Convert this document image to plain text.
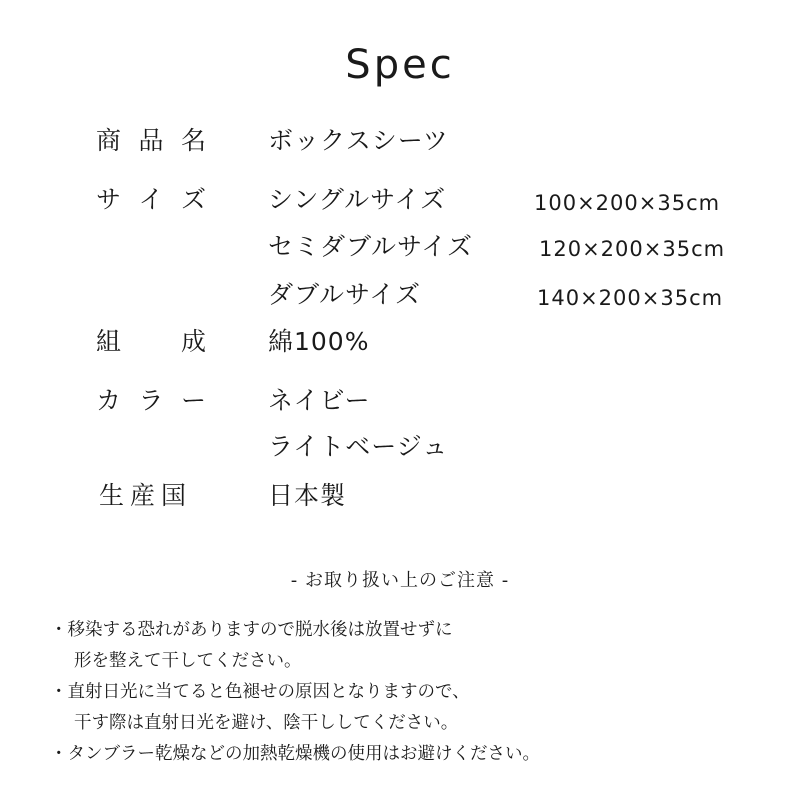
Spec
商 品 名 ボックスシーツ
サ イ ズ シングルサイズ	100×200×35cm
セミダブルサイズ	120×200×35cm
ダブルサイズ	140×200×35cm
組 成 綿100%
カ ラ ー ネイビー
ライトベージュ
生産国	日本製
- お取り扱い上のご注意 -
・移染する恐れがありますので脱水後は放置せずに
形を整えて干してください。
・直射日光に当てると色褪せの原因となりますので、
干す際は直射日光を避け、陰干ししてください。
・タンブラー乾燥などの加熱乾燥機の使用はお避けください。
